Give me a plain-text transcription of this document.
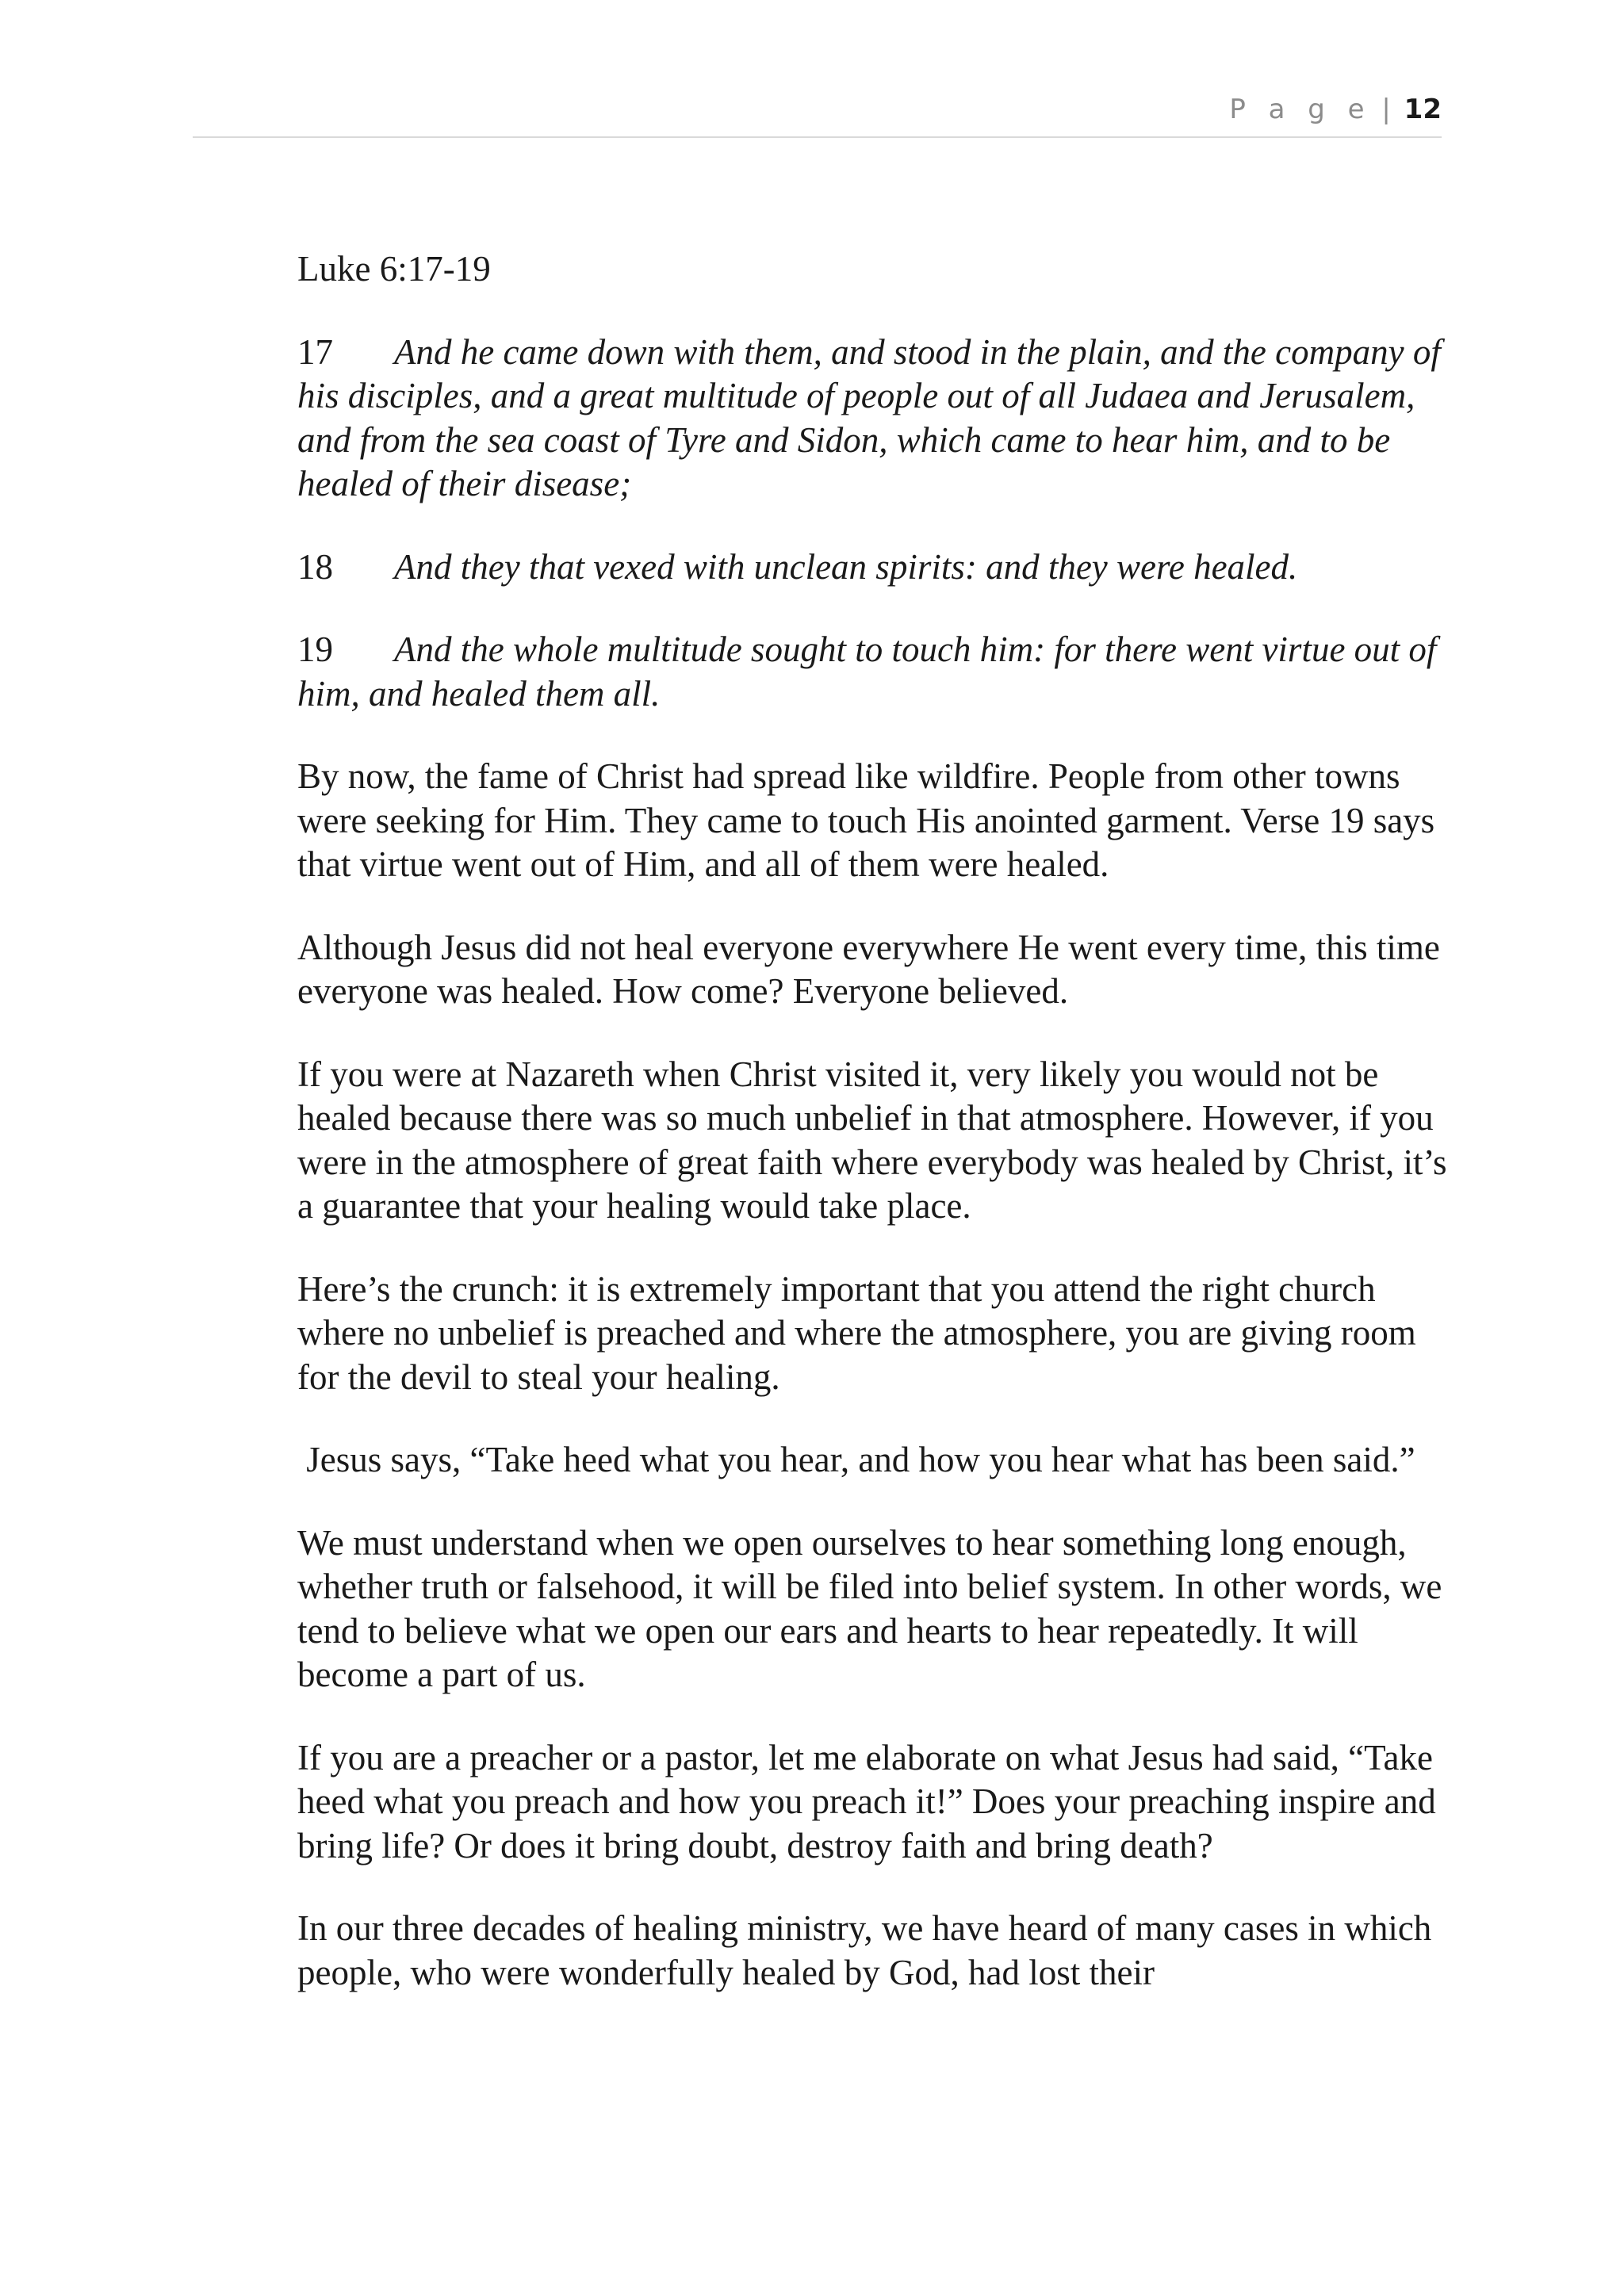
P a g e | 12

Luke 6:17-19

17 And he came down with them, and stood in the plain, and the company of his disciples, and a great multitude of people out of all Judaea and Jerusalem, and from the sea coast of Tyre and Sidon, which came to hear him, and to be healed of their disease;

18 And they that vexed with unclean spirits: and they were healed.

19 And the whole multitude sought to touch him: for there went virtue out of him, and healed them all.

By now, the fame of Christ had spread like wildfire. People from other towns were seeking for Him. They came to touch His anointed garment. Verse 19 says that virtue went out of Him, and all of them were healed.

Although Jesus did not heal everyone everywhere He went every time, this time everyone was healed. How come? Everyone believed.

If you were at Nazareth when Christ visited it, very likely you would not be healed because there was so much unbelief in that atmosphere. However, if you were in the atmosphere of great faith where everybody was healed by Christ, it’s a guarantee that your healing would take place.

Here’s the crunch: it is extremely important that you attend the right church where no unbelief is preached and where the atmosphere, you are giving room for the devil to steal your healing.

Jesus says, “Take heed what you hear, and how you hear what has been said.”

We must understand when we open ourselves to hear something long enough, whether truth or falsehood, it will be filed into belief system. In other words, we tend to believe what we open our ears and hearts to hear repeatedly. It will become a part of us.

If you are a preacher or a pastor, let me elaborate on what Jesus had said, “Take heed what you preach and how you preach it!” Does your preaching inspire and bring life? Or does it bring doubt, destroy faith and bring death?

In our three decades of healing ministry, we have heard of many cases in which people, who were wonderfully healed by God, had lost their
